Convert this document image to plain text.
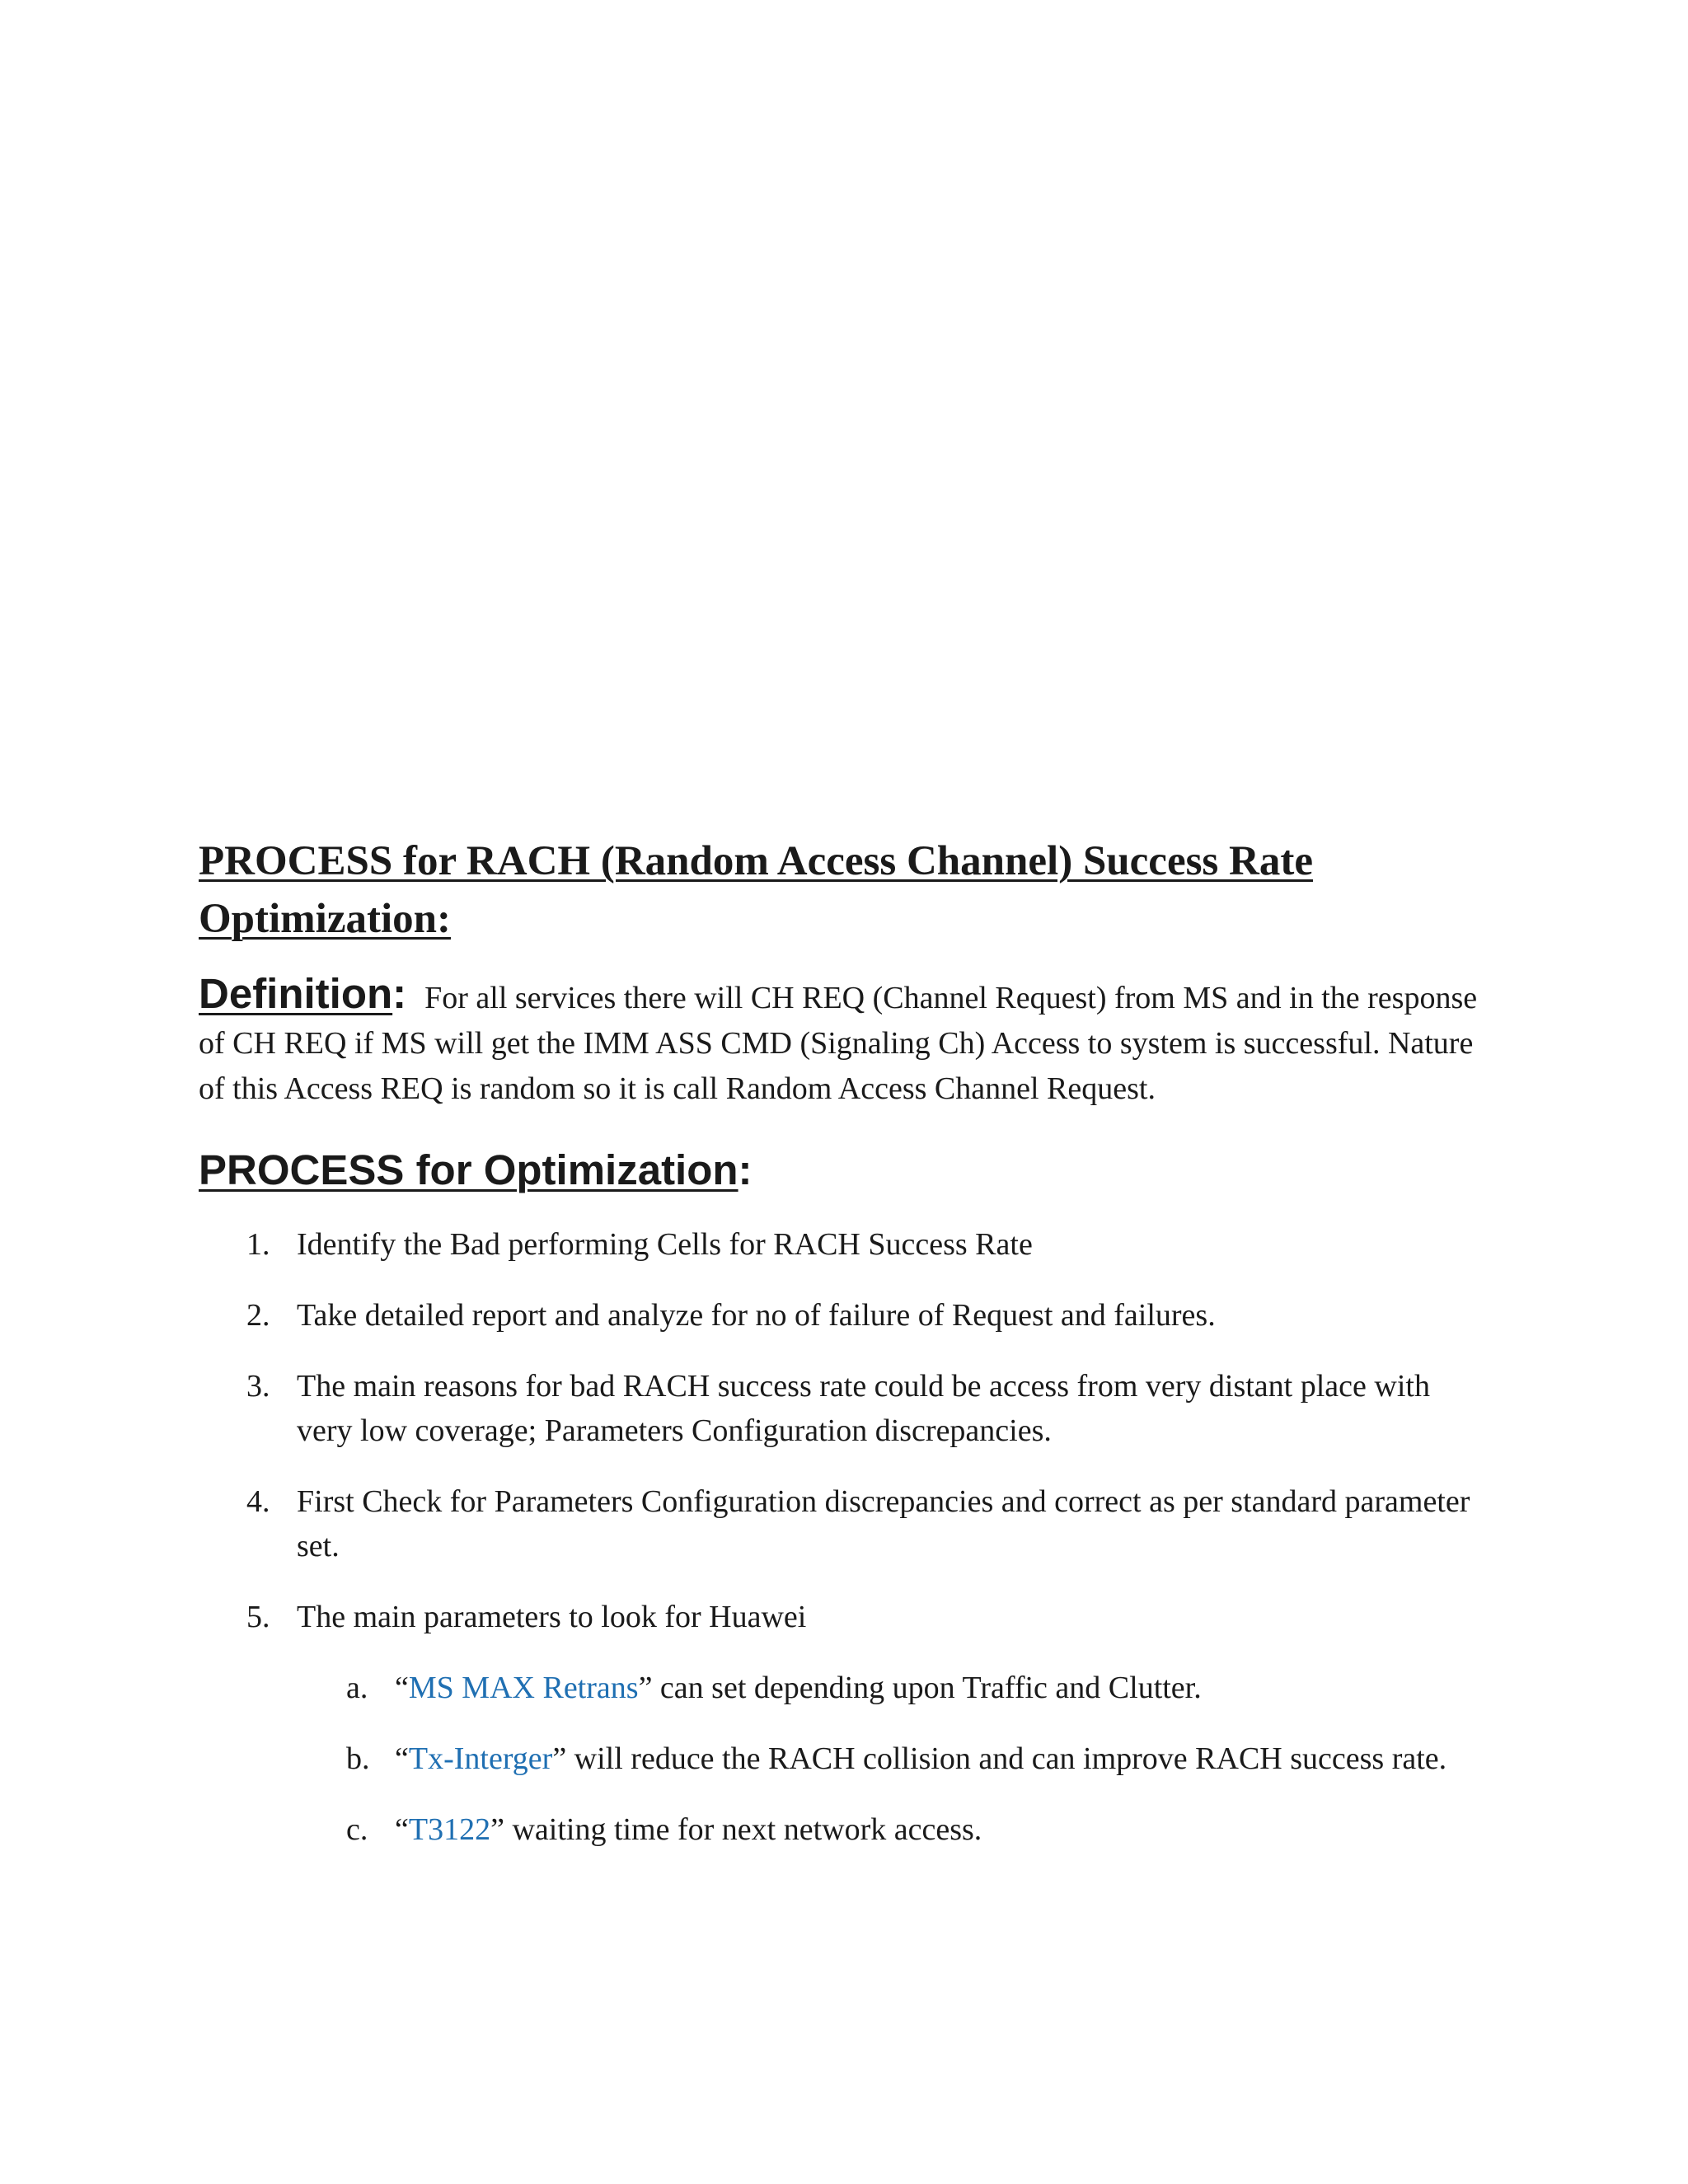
PROCESS for RACH (Random Access Channel) Success Rate Optimization:

Definition: For all services there will CH REQ (Channel Request) from MS and in the response of CH REQ if MS will get the IMM ASS CMD (Signaling Ch) Access to system is successful. Nature of this Access REQ is random so it is call Random Access Channel Request.

PROCESS for Optimization:
1. Identify the Bad performing Cells for RACH Success Rate
2. Take detailed report and analyze for no of failure of Request and failures.
3. The main reasons for bad RACH success rate could be access from very distant place with very low coverage; Parameters Configuration discrepancies.
4. First Check for Parameters Configuration discrepancies and correct as per standard parameter set.
5. The main parameters to look for Huawei
a. “MS MAX Retrans” can set depending upon Traffic and Clutter.
b. “Tx-Interger” will reduce the RACH collision and can improve RACH success rate.
c. “T3122” waiting time for next network access.
